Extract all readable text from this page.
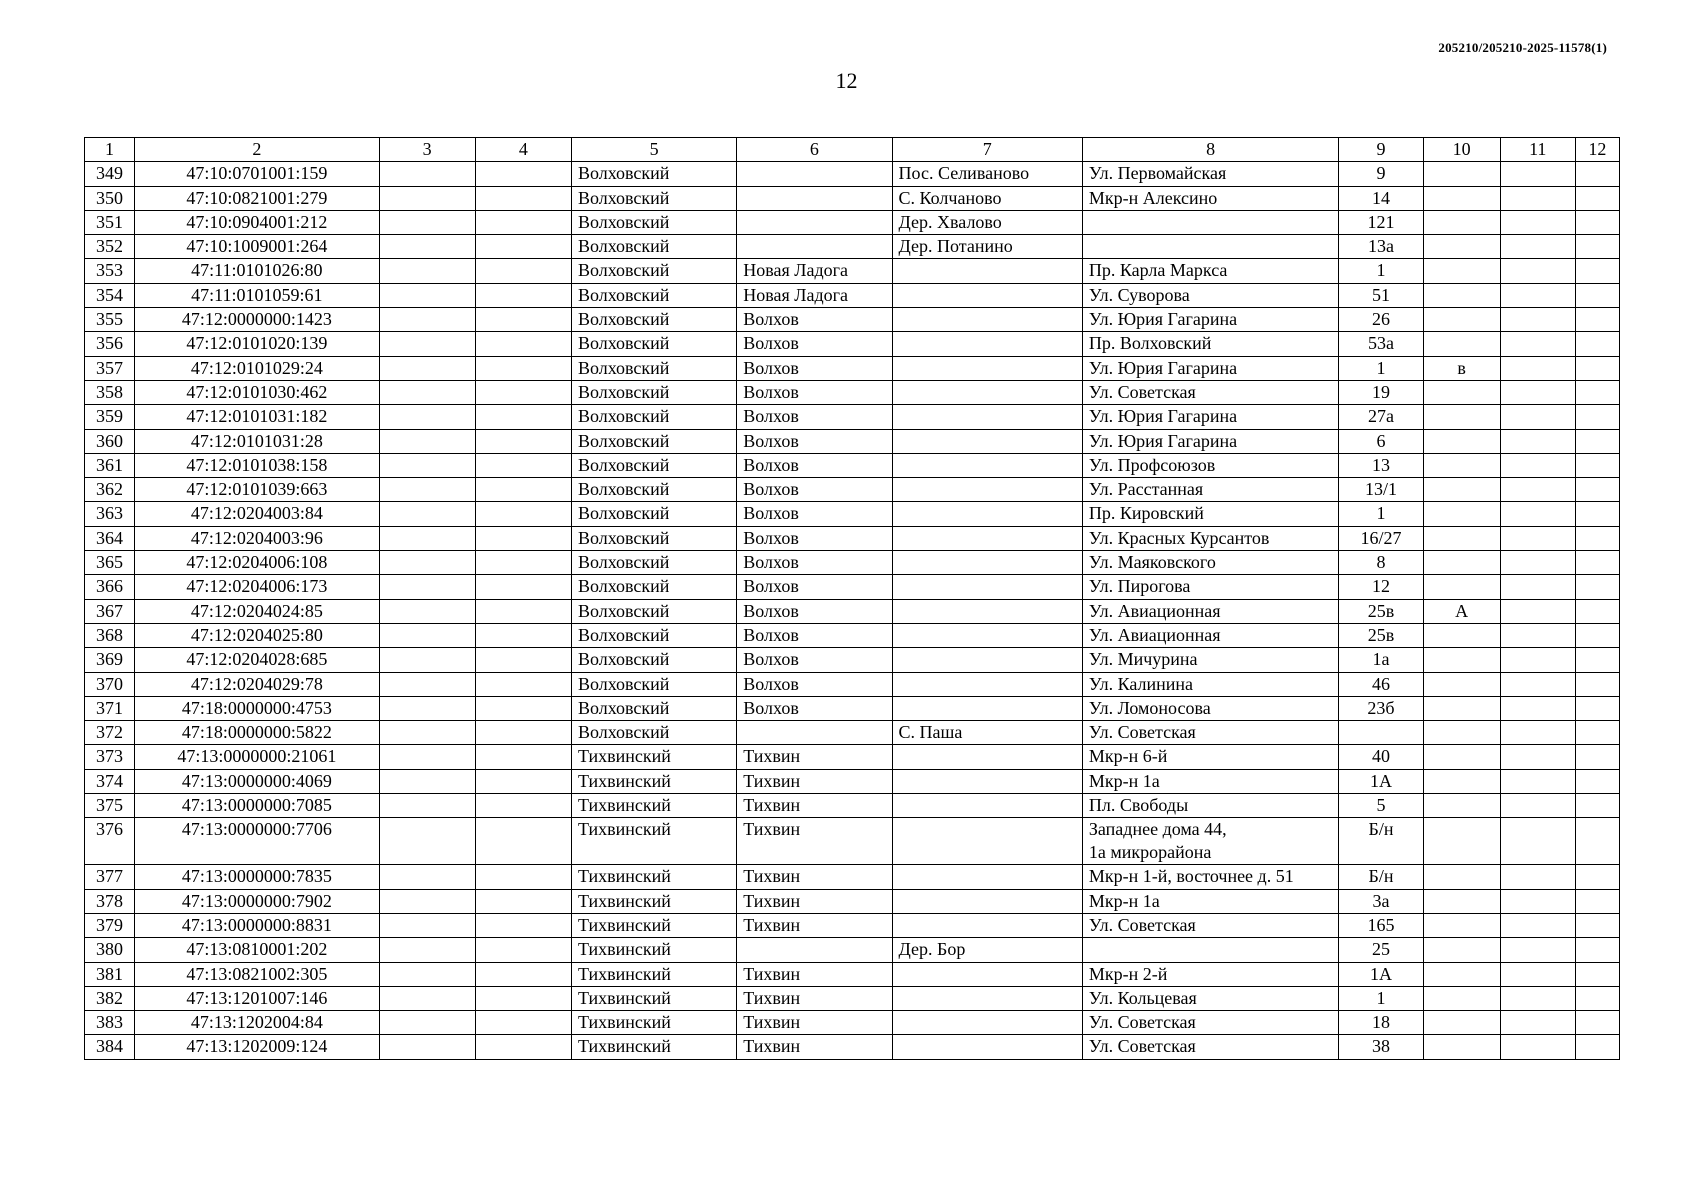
205210/205210-2025-11578(1)
12
1	2	3	4	5	6	7	8	9	10	11	12
349	47:10:0701001:159			Волховский		Пос. Селиваново	Ул. Первомайская	9			
350	47:10:0821001:279			Волховский		С. Колчаново	Мкр-н Алексино	14			
351	47:10:0904001:212			Волховский		Дер. Хвалово		121			
352	47:10:1009001:264			Волховский		Дер. Потанино		13а			
353	47:11:0101026:80			Волховский	Новая Ладога		Пр. Карла Маркса	1			
354	47:11:0101059:61			Волховский	Новая Ладога		Ул. Суворова	51			
355	47:12:0000000:1423			Волховский	Волхов		Ул. Юрия Гагарина	26			
356	47:12:0101020:139			Волховский	Волхов		Пр. Волховский	53а			
357	47:12:0101029:24			Волховский	Волхов		Ул. Юрия Гагарина	1	в		
358	47:12:0101030:462			Волховский	Волхов		Ул. Советская	19			
359	47:12:0101031:182			Волховский	Волхов		Ул. Юрия Гагарина	27а			
360	47:12:0101031:28			Волховский	Волхов		Ул. Юрия Гагарина	6			
361	47:12:0101038:158			Волховский	Волхов		Ул. Профсоюзов	13			
362	47:12:0101039:663			Волховский	Волхов		Ул. Расстанная	13/1			
363	47:12:0204003:84			Волховский	Волхов		Пр. Кировский	1			
364	47:12:0204003:96			Волховский	Волхов		Ул. Красных Курсантов	16/27			
365	47:12:0204006:108			Волховский	Волхов		Ул. Маяковского	8			
366	47:12:0204006:173			Волховский	Волхов		Ул. Пирогова	12			
367	47:12:0204024:85			Волховский	Волхов		Ул. Авиационная	25в	А		
368	47:12:0204025:80			Волховский	Волхов		Ул. Авиационная	25в			
369	47:12:0204028:685			Волховский	Волхов		Ул. Мичурина	1а			
370	47:12:0204029:78			Волховский	Волхов		Ул. Калинина	46			
371	47:18:0000000:4753			Волховский	Волхов		Ул. Ломоносова	23б			
372	47:18:0000000:5822			Волховский		С. Паша	Ул. Советская				
373	47:13:0000000:21061			Тихвинский	Тихвин		Мкр-н 6-й	40			
374	47:13:0000000:4069			Тихвинский	Тихвин		Мкр-н 1а	1А			
375	47:13:0000000:7085			Тихвинский	Тихвин		Пл. Свободы	5			
376	47:13:0000000:7706			Тихвинский	Тихвин		Западнее дома 44,
1а микрорайона	Б/н			
377	47:13:0000000:7835			Тихвинский	Тихвин		Мкр-н 1-й, восточнее д. 51	Б/н			
378	47:13:0000000:7902			Тихвинский	Тихвин		Мкр-н 1а	3а			
379	47:13:0000000:8831			Тихвинский	Тихвин		Ул. Советская	165			
380	47:13:0810001:202			Тихвинский		Дер. Бор		25			
381	47:13:0821002:305			Тихвинский	Тихвин		Мкр-н 2-й	1А			
382	47:13:1201007:146			Тихвинский	Тихвин		Ул. Кольцевая	1			
383	47:13:1202004:84			Тихвинский	Тихвин		Ул. Советская	18			
384	47:13:1202009:124			Тихвинский	Тихвин		Ул. Советская	38			
